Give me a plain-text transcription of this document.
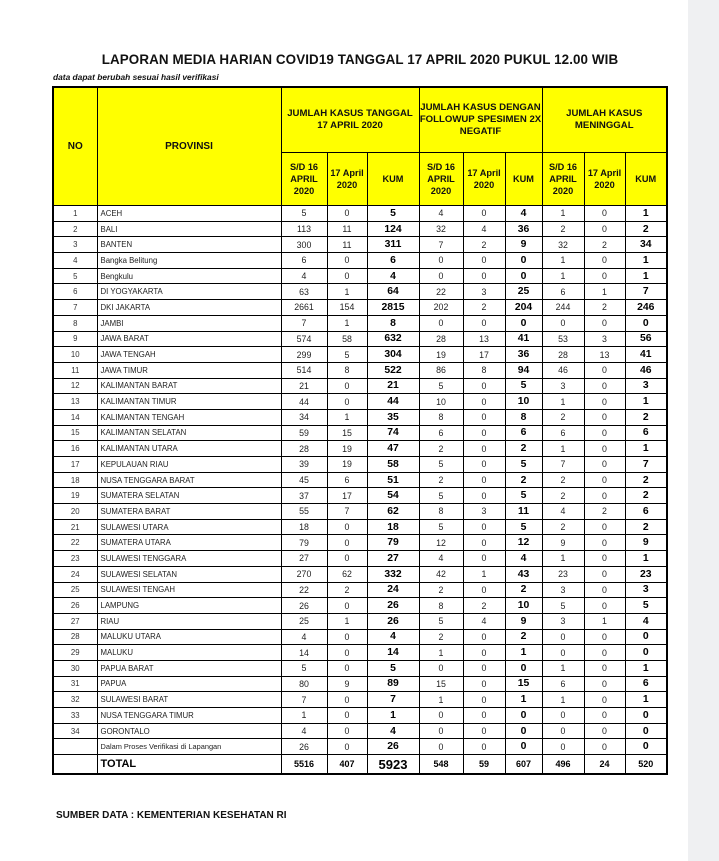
LAPORAN MEDIA HARIAN COVID19 TANGGAL 17 APRIL 2020 PUKUL 12.00 WIB
data dapat berubah sesuai hasil verifikasi
NO	PROVINSI	JUMLAH KASUS TANGGAL 17 APRIL 2020			JUMLAH KASUS DENGAN FOLLOWUP SPESIMEN 2X NEGATIF			JUMLAH KASUS MENINGGAL		
		S/D 16 APRIL 2020	17 April 2020	KUM	S/D 16 APRIL 2020	17 April 2020	KUM	S/D 16 APRIL 2020	17 April 2020	KUM
1	ACEH	5	0	5	4	0	4	1	0	1
2	BALI	113	11	124	32	4	36	2	0	2
3	BANTEN	300	11	311	7	2	9	32	2	34
4	Bangka Belitung	6	0	6	0	0	0	1	0	1
5	Bengkulu	4	0	4	0	0	0	1	0	1
6	DI YOGYAKARTA	63	1	64	22	3	25	6	1	7
7	DKI JAKARTA	2661	154	2815	202	2	204	244	2	246
8	JAMBI	7	1	8	0	0	0	0	0	0
9	JAWA BARAT	574	58	632	28	13	41	53	3	56
10	JAWA TENGAH	299	5	304	19	17	36	28	13	41
11	JAWA TIMUR	514	8	522	86	8	94	46	0	46
12	KALIMANTAN BARAT	21	0	21	5	0	5	3	0	3
13	KALIMANTAN TIMUR	44	0	44	10	0	10	1	0	1
14	KALIMANTAN TENGAH	34	1	35	8	0	8	2	0	2
15	KALIMANTAN SELATAN	59	15	74	6	0	6	6	0	6
16	KALIMANTAN UTARA	28	19	47	2	0	2	1	0	1
17	KEPULAUAN RIAU	39	19	58	5	0	5	7	0	7
18	NUSA TENGGARA BARAT	45	6	51	2	0	2	2	0	2
19	SUMATERA SELATAN	37	17	54	5	0	5	2	0	2
20	SUMATERA BARAT	55	7	62	8	3	11	4	2	6
21	SULAWESI UTARA	18	0	18	5	0	5	2	0	2
22	SUMATERA UTARA	79	0	79	12	0	12	9	0	9
23	SULAWESI TENGGARA	27	0	27	4	0	4	1	0	1
24	SULAWESI SELATAN	270	62	332	42	1	43	23	0	23
25	SULAWESI TENGAH	22	2	24	2	0	2	3	0	3
26	LAMPUNG	26	0	26	8	2	10	5	0	5
27	RIAU	25	1	26	5	4	9	3	1	4
28	MALUKU UTARA	4	0	4	2	0	2	0	0	0
29	MALUKU	14	0	14	1	0	1	0	0	0
30	PAPUA BARAT	5	0	5	0	0	0	1	0	1
31	PAPUA	80	9	89	15	0	15	6	0	6
32	SULAWESI BARAT	7	0	7	1	0	1	1	0	1
33	NUSA TENGGARA TIMUR	1	0	1	0	0	0	0	0	0
34	GORONTALO	4	0	4	0	0	0	0	0	0
	Dalam Proses Verifikasi di Lapangan	26	0	26	0	0	0	0	0	0
	TOTAL	5516	407	5923	548	59	607	496	24	520
SUMBER DATA : KEMENTERIAN KESEHATAN RI
